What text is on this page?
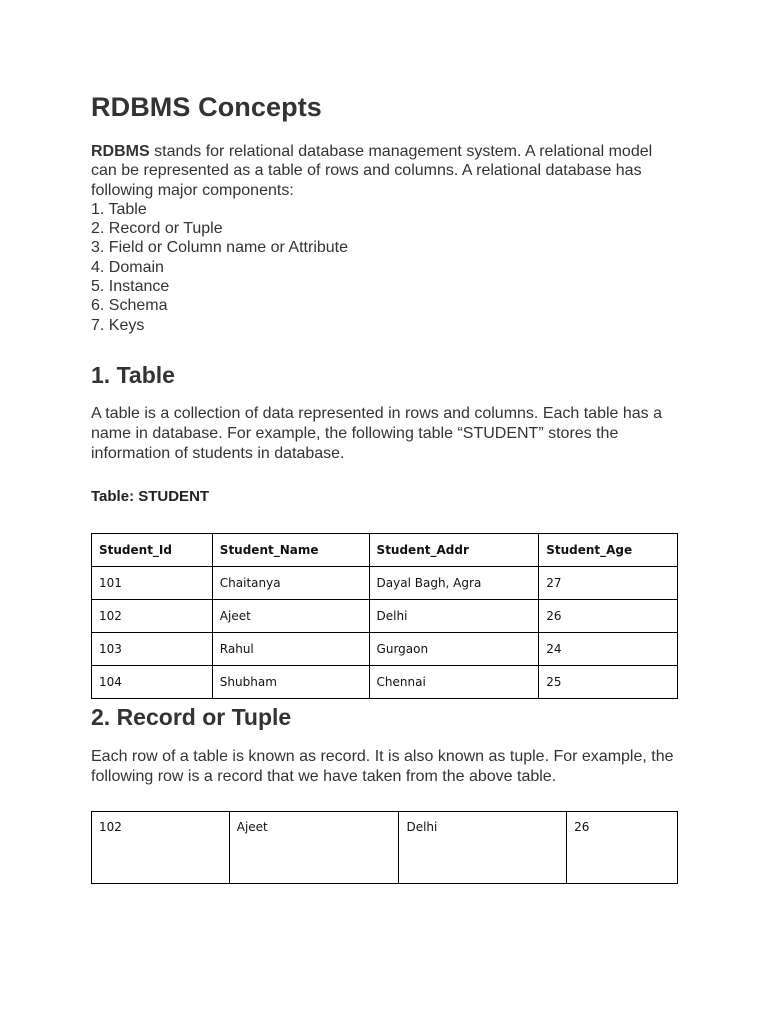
RDBMS Concepts
RDBMS stands for relational database management system. A relational model can be represented as a table of rows and columns. A relational database has following major components:
1. Table
2. Record or Tuple
3. Field or Column name or Attribute
4. Domain
5. Instance
6. Schema
7. Keys
1. Table

A table is a collection of data represented in rows and columns. Each table has a name in database. For example, the following table “STUDENT” stores the information of students in database.

Table: STUDENT

Student_Id	Student_Name	Student_Addr	Student_Age
101	Chaitanya	Dayal Bagh, Agra	27
102	Ajeet	Delhi	26
103	Rahul	Gurgaon	24
104	Shubham	Chennai	25
2. Record or Tuple

Each row of a table is known as record. It is also known as tuple. For example, the following row is a record that we have taken from the above table.

102	Ajeet	Delhi	26
